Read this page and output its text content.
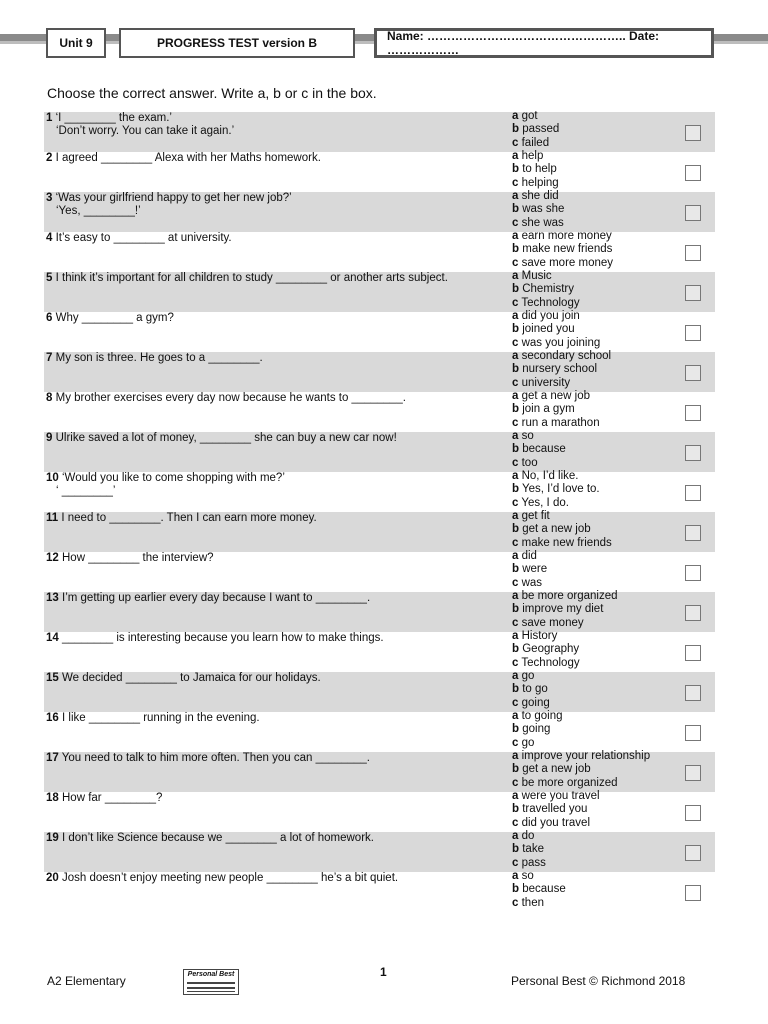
Unit 9	PROGRESS TEST version B	Name: ………………………………………….. Date: ………………
Choose the correct answer. Write a, b or c in the box.
1 ‘I ________ the exam.’
‘Don’t worry. You can take it again.’
a got
b passed
c failed
2 I agreed ________ Alexa with her Maths homework.	a help
b to help
c helping
3 ‘Was your girlfriend happy to get her new job?’
‘Yes, ________!’
a she did
b was she
c she was
4 It’s easy to ________ at university.	a earn more money
b make new friends
c save more money
5 I think it’s important for all children to study ________ or another arts subject.	a Music
b Chemistry
c Technology
6 Why ________ a gym?	a did you join
b joined you
c was you joining
7 My son is three. He goes to a ________.	a secondary school
b nursery school
c university
8 My brother exercises every day now because he wants to ________.	a get a new job
b join a gym
c run a marathon
9 Ulrike saved a lot of money, ________ she can buy a new car now!	a so
b because
c too
10 ‘Would you like to come shopping with me?’
‘ ________’
a No, I’d like.
b Yes, I’d love to.
c Yes, I do.
11 I need to ________. Then I can earn more money.	a get fit
b get a new job
c make new friends
12 How ________ the interview?	a did
b were
c was
13 I’m getting up earlier every day because I want to ________.	a be more organized
b improve my diet
c save money
14 ________ is interesting because you learn how to make things.	a History
b Geography
c Technology
15 We decided ________ to Jamaica for our holidays.	a go
b to go
c going
16 I like ________ running in the evening.	a to going
b going
c go
17 You need to talk to him more often. Then you can ________.	a improve your relationship
b get a new job
c be more organized
18 How far ________?	a were you travel
b travelled you
c did you travel
19 I don’t like Science because we ________ a lot of homework.	a do
b take
c pass
20 Josh doesn’t enjoy meeting new people ________ he’s a bit quiet.	a so
b because
c then
A2 Elementary	Personal Best	1
Personal Best © Richmond 2018
